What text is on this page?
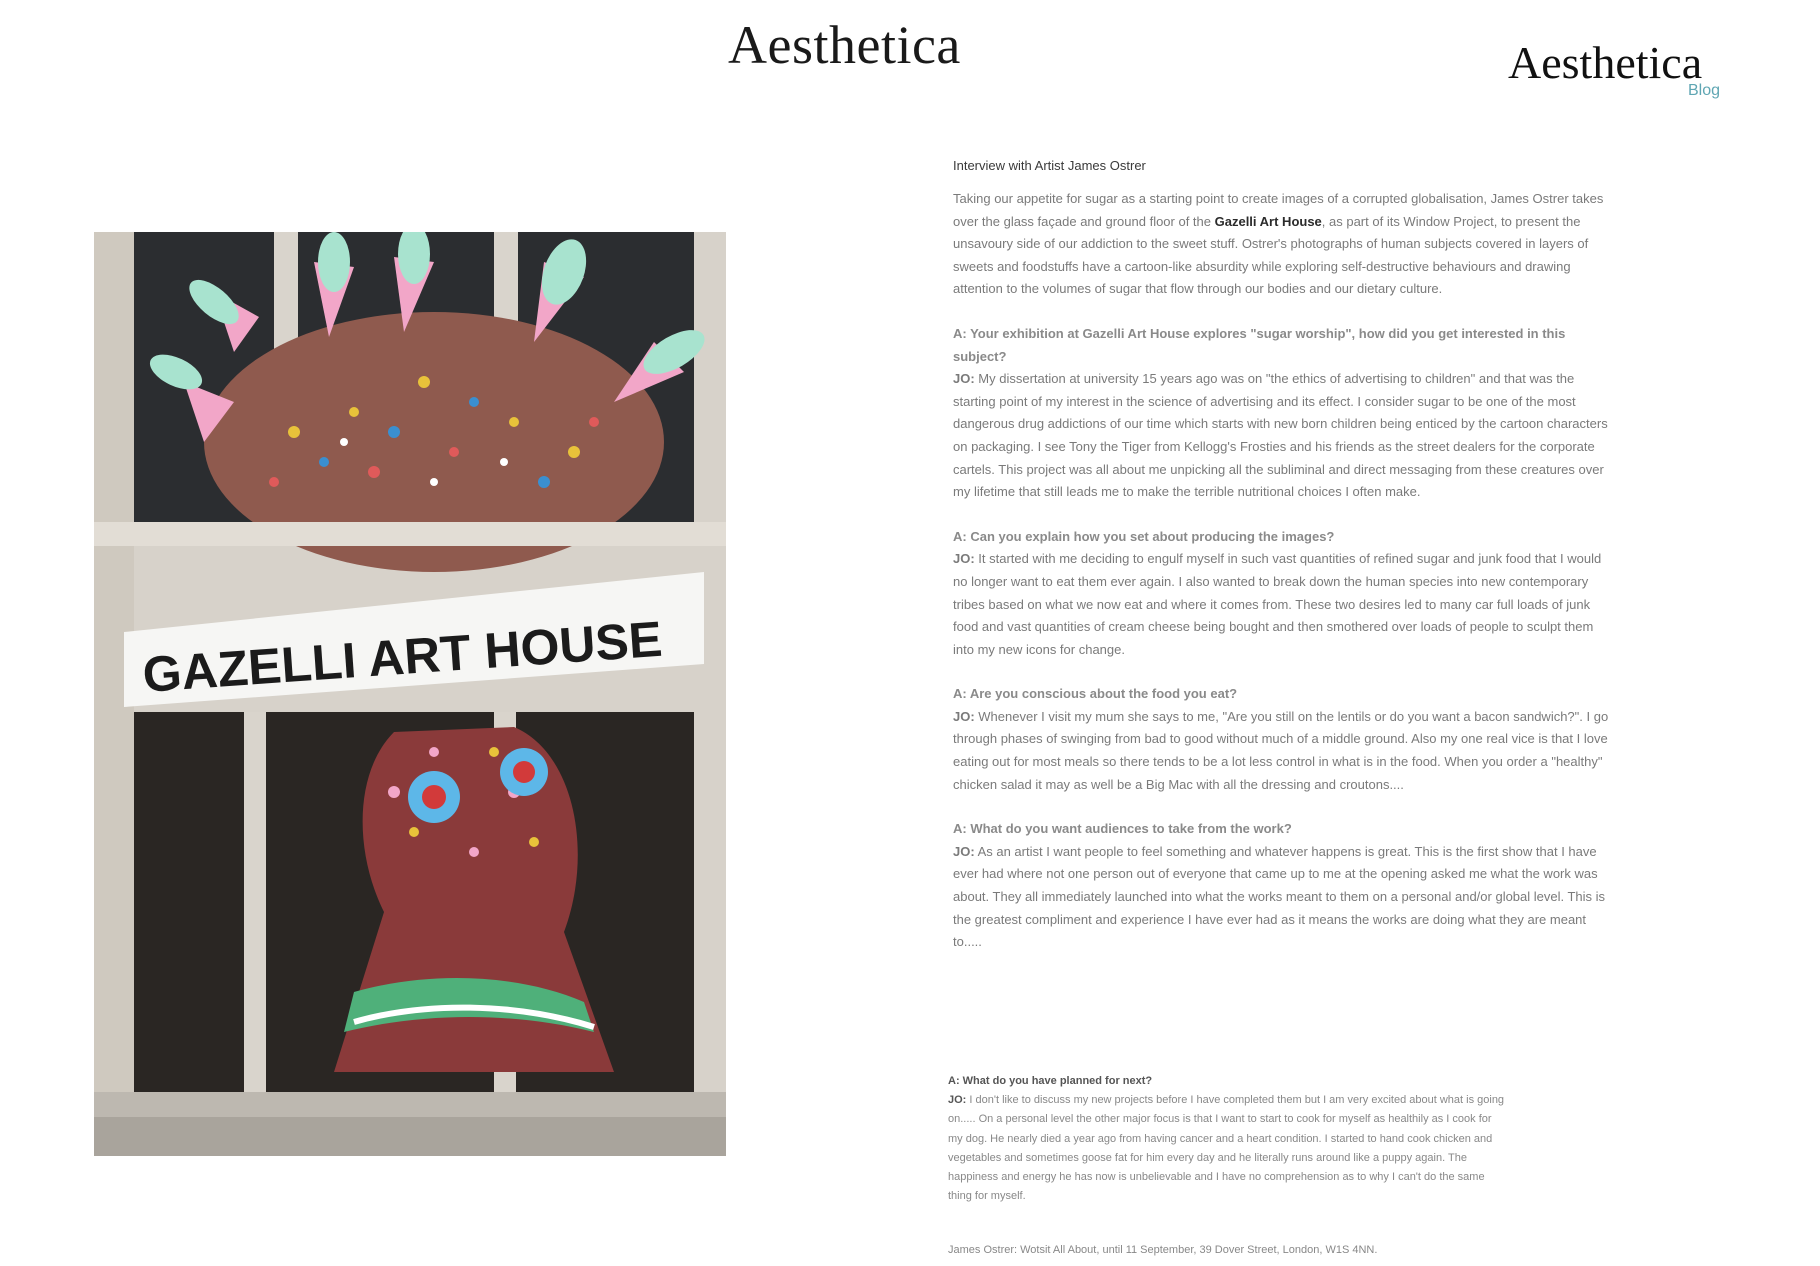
Aesthetica	Aesthetica
Blog
GAZELLI ART HOUSE

Interview with Artist James Ostrer

Taking our appetite for sugar as a starting point to create images of a corrupted globalisation, James Ostrer takes over the glass façade and ground floor of the Gazelli Art House, as part of its Window Project, to present the unsavoury side of our addiction to the sweet stuff. Ostrer's photographs of human subjects covered in layers of sweets and foodstuffs have a cartoon-like absurdity while exploring self-destructive behaviours and drawing attention to the volumes of sugar that flow through our bodies and our dietary culture.

A: Your exhibition at Gazelli Art House explores "sugar worship", how did you get interested in this subject?

JO: My dissertation at university 15 years ago was on "the ethics of advertising to children" and that was the starting point of my interest in the science of advertising and its effect. I consider sugar to be one of the most dangerous drug addictions of our time which starts with new born children being enticed by the cartoon characters on packaging. I see Tony the Tiger from Kellogg's Frosties and his friends as the street dealers for the corporate cartels. This project was all about me unpicking all the subliminal and direct messaging from these creatures over my lifetime that still leads me to make the terrible nutritional choices I often make.

A: Can you explain how you set about producing the images?

JO: It started with me deciding to engulf myself in such vast quantities of refined sugar and junk food that I would no longer want to eat them ever again. I also wanted to break down the human species into new contemporary tribes based on what we now eat and where it comes from. These two desires led to many car full loads of junk food and vast quantities of cream cheese being bought and then smothered over loads of people to sculpt them into my new icons for change.

A: Are you conscious about the food you eat?

JO: Whenever I visit my mum she says to me, "Are you still on the lentils or do you want a bacon sandwich?". I go through phases of swinging from bad to good without much of a middle ground. Also my one real vice is that I love eating out for most meals so there tends to be a lot less control in what is in the food. When you order a "healthy" chicken salad it may as well be a Big Mac with all the dressing and croutons....

A: What do you want audiences to take from the work?

JO: As an artist I want people to feel something and whatever happens is great. This is the first show that I have ever had where not one person out of everyone that came up to me at the opening asked me what the work was about. They all immediately launched into what the works meant to them on a personal and/or global level. This is the greatest compliment and experience I have ever had as it means the works are doing what they are meant to.....

A: What do you have planned for next?

JO: I don't like to discuss my new projects before I have completed them but I am very excited about what is going on..... On a personal level the other major focus is that I want to start to cook for myself as healthily as I cook for my dog. He nearly died a year ago from having cancer and a heart condition. I started to hand cook chicken and vegetables and sometimes goose fat for him every day and he literally runs around like a puppy again. The happiness and energy he has now is unbelievable and I have no comprehension as to why I can't do the same thing for myself.

James Ostrer: Wotsit All About, until 11 September, 39 Dover Street, London, W1S 4NN.
